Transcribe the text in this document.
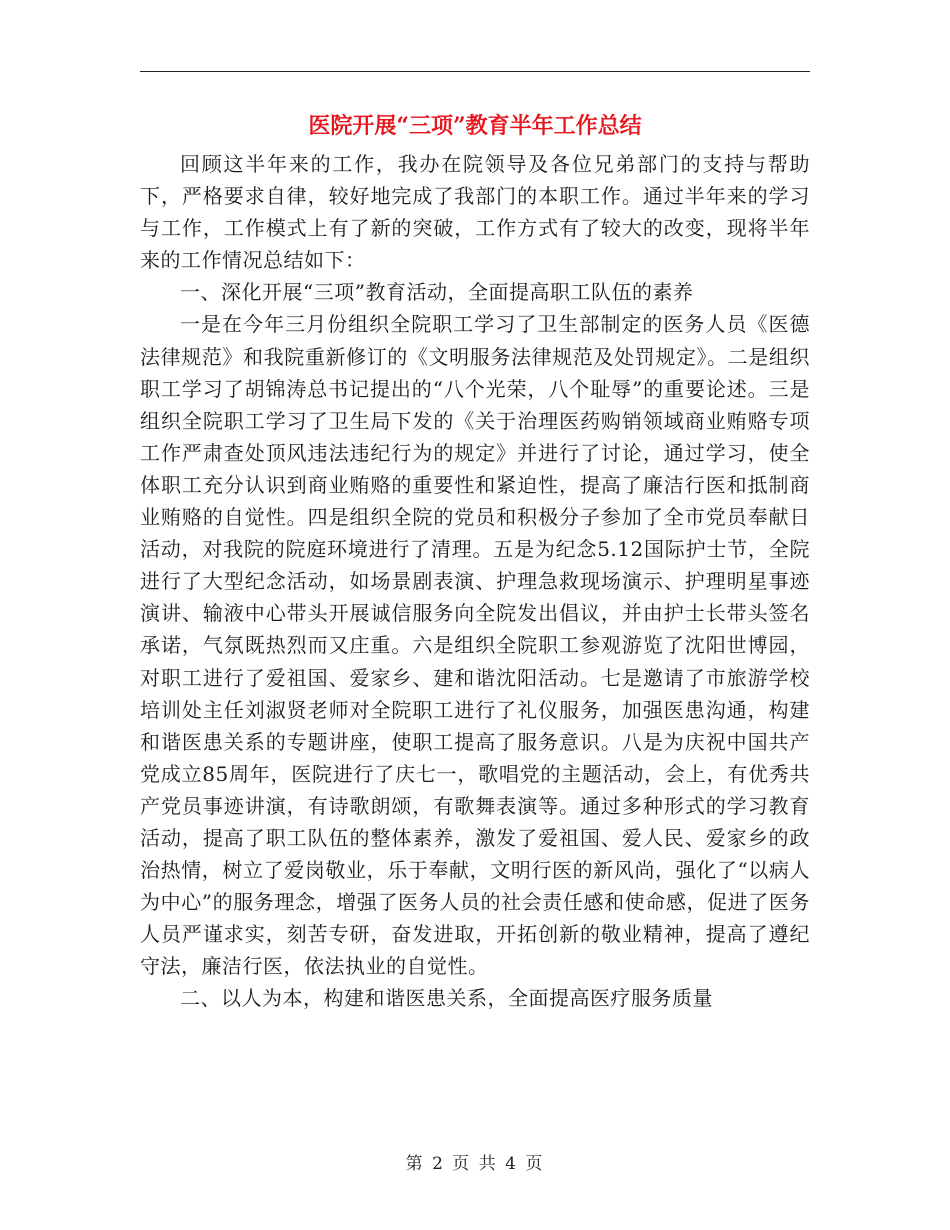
医院开展“三项”教育半年工作总结

回顾这半年来的工作，我办在院领导及各位兄弟部门的支持与帮助下，严格要求自律，较好地完成了我部门的本职工作。通过半年来的学习与工作，工作模式上有了新的突破，工作方式有了较大的改变，现将半年来的工作情况总结如下：

一、深化开展“三项”教育活动，全面提高职工队伍的素养

一是在今年三月份组织全院职工学习了卫生部制定的医务人员《医德法律规范》和我院重新修订的《文明服务法律规范及处罚规定》。二是组织职工学习了胡锦涛总书记提出的“八个光荣，八个耻辱”的重要论述。三是组织全院职工学习了卫生局下发的《关于治理医药购销领域商业贿赂专项工作严肃查处顶风违法违纪行为的规定》并进行了讨论，通过学习，使全体职工充分认识到商业贿赂的重要性和紧迫性，提高了廉洁行医和抵制商业贿赂的自觉性。四是组织全院的党员和积极分子参加了全市党员奉献日活动，对我院的院庭环境进行了清理。五是为纪念5.12国际护士节，全院进行了大型纪念活动，如场景剧表演、护理急救现场演示、护理明星事迹演讲、输液中心带头开展诚信服务向全院发出倡议，并由护士长带头签名承诺，气氛既热烈而又庄重。六是组织全院职工参观游览了沈阳世博园，对职工进行了爱祖国、爱家乡、建和谐沈阳活动。七是邀请了市旅游学校培训处主任刘淑贤老师对全院职工进行了礼仪服务，加强医患沟通，构建和谐医患关系的专题讲座，使职工提高了服务意识。八是为庆祝中国共产党成立85周年，医院进行了庆七一，歌唱党的主题活动，会上，有优秀共产党员事迹讲演，有诗歌朗颂，有歌舞表演等。通过多种形式的学习教育活动，提高了职工队伍的整体素养，激发了爱祖国、爱人民、爱家乡的政治热情，树立了爱岗敬业，乐于奉献，文明行医的新风尚，强化了“以病人为中心”的服务理念，增强了医务人员的社会责任感和使命感，促进了医务人员严谨求实，刻苦专研，奋发进取，开拓创新的敬业精神，提高了遵纪守法，廉洁行医，依法执业的自觉性。

二、以人为本，构建和谐医患关系，全面提高医疗服务质量

第 2 页 共 4 页
